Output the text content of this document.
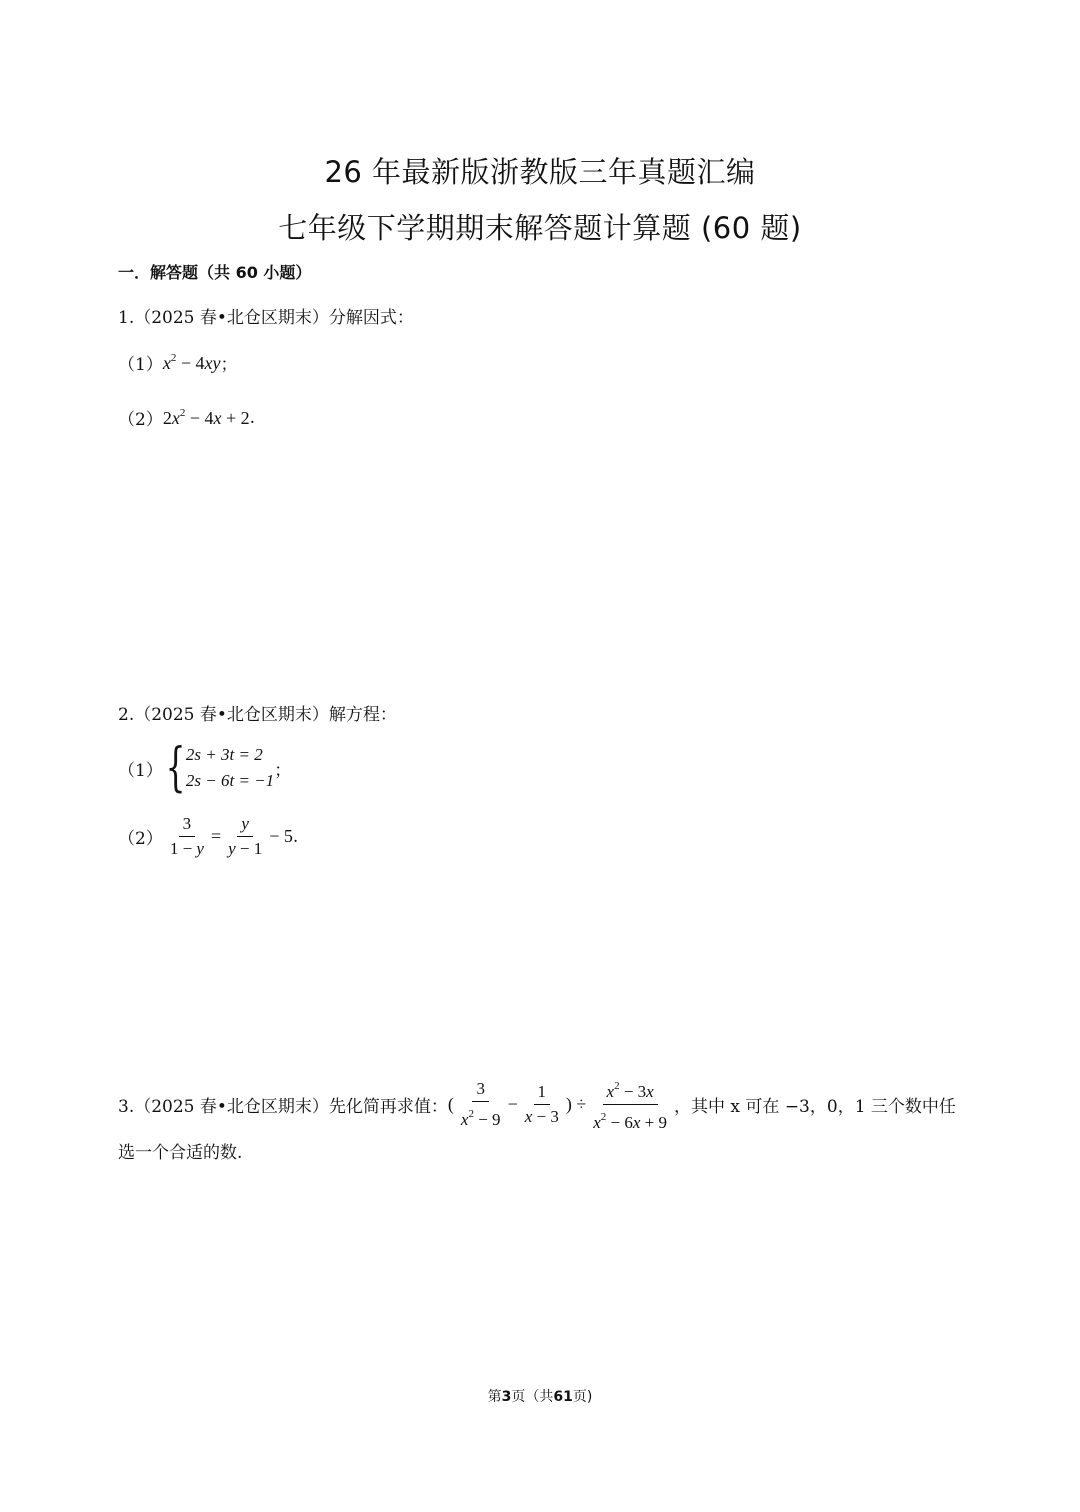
26 年最新版浙教版三年真题汇编
七年级下学期期末解答题计算题 (60 题)
一．解答题（共 60 小题）
1.（2025 春•北仓区期末）分解因式：
（1） $x^2 - 4xy$ ；
（2） $2x^2 - 4x + 2$ .
2.（2025 春•北仓区期末）解方程：
（1） { 2s + 3t = 2
2s − 6t = −1 ；
$(2) \frac{3}{1 - y} = \frac{y}{y - 1} - 5$ .
3.（2025 春•北仓区期末）先化简再求值： ( $\frac{3}{x^2 - 9} - \frac{1}{x - 3}$ ) ÷ $\frac{x^2 - 3x}{x^2 - 6x + 9}$ ，其中 x 可在 −3，0，1 三个数中任
选一个合适的数.
第3页（共61页)
